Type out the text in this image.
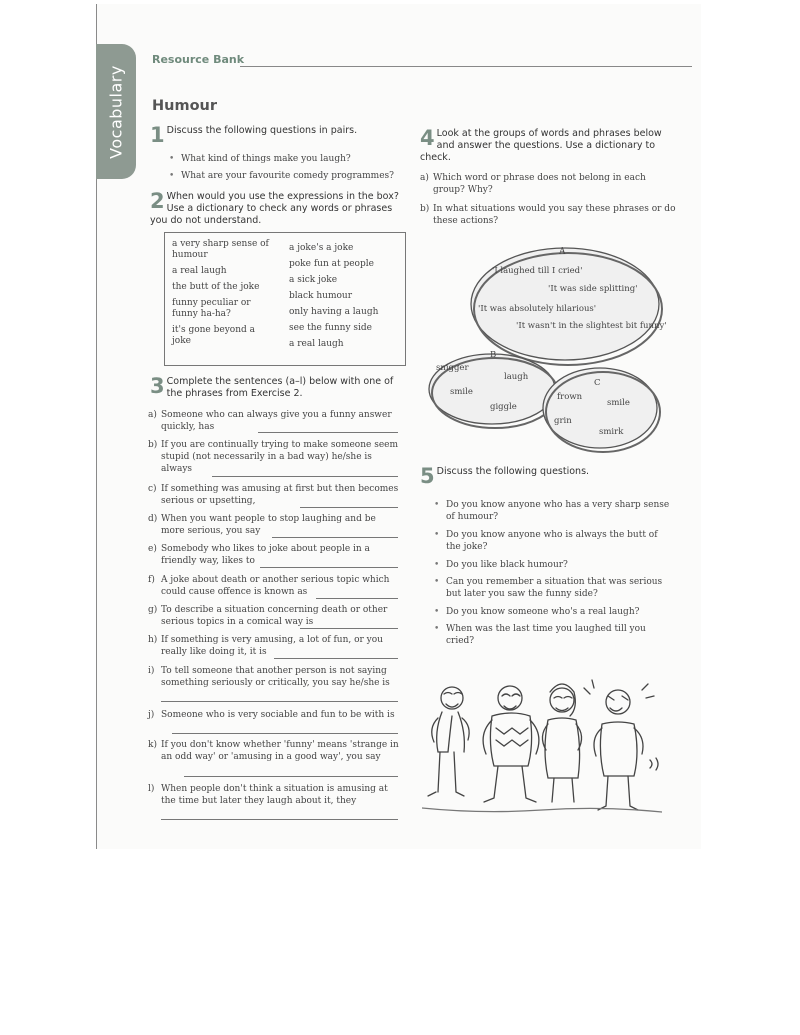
Vocabulary
Resource Bank
Humour
1 Discuss the following questions in pairs.
• What kind of things make you laugh?
• What are your favourite comedy programmes?
2 When would you use the expressions in the box? Use a dictionary to check any words or phrases you do not understand.
a very sharp sense of humour
a real laugh
the butt of the joke
funny peculiar or funny ha-ha?
it's gone beyond a joke
a joke's a joke
poke fun at people
a sick joke
black humour
only having a laugh
see the funny side
a real laugh
3 Complete the sentences (a–l) below with one of the phrases from Exercise 2.
a) Someone who can always give you a funny answer quickly, has
b) If you are continually trying to make someone seem stupid (not necessarily in a bad way) he/she is always
c) If something was amusing at first but then becomes serious or upsetting,
d) When you want people to stop laughing and be more serious, you say
e) Somebody who likes to joke about people in a friendly way, likes to
f) A joke about death or another serious topic which could cause offence is known as
g) To describe a situation concerning death or other serious topics in a comical way is
h) If something is very amusing, a lot of fun, or you really like doing it, it is
i) To tell someone that another person is not saying something seriously or critically, you say he/she is
j) Someone who is very sociable and fun to be with is
k) If you don't know whether 'funny' means 'strange in an odd way' or 'amusing in a good way', you say
l) When people don't think a situation is amusing at the time but later they laugh about it, they
4 Look at the groups of words and phrases below and answer the questions. Use a dictionary to check.
a) Which word or phrase does not belong in each group? Why?
b) In what situations would you say these phrases or do these actions?
A
'I laughed till I cried'
'It was side splitting'
'It was absolutely hilarious'
'It wasn't in the slightest bit funny'
B
snigger
laugh
smile
giggle
C
frown
smile
grin
smirk
5 Discuss the following questions.
• Do you know anyone who has a very sharp sense of humour?
• Do you know anyone who is always the butt of the joke?
• Do you like black humour?
• Can you remember a situation that was serious but later you saw the funny side?
• Do you know someone who's a real laugh?
• When was the last time you laughed till you cried?
